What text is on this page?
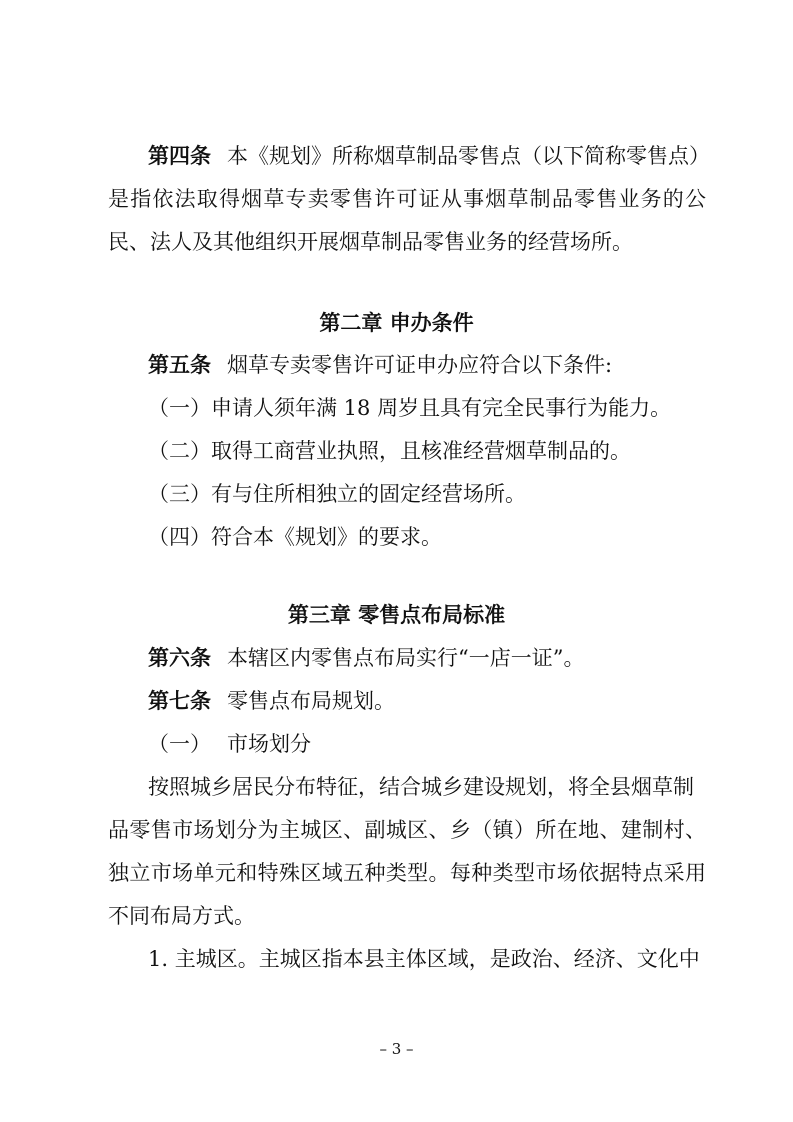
第四条 本《规划》所称烟草制品零售点（以下简称零售点）
是指依法取得烟草专卖零售许可证从事烟草制品零售业务的公
民、法人及其他组织开展烟草制品零售业务的经营场所。
第二章 申办条件
第五条 烟草专卖零售许可证申办应符合以下条件:
（一）申请人须年满 18 周岁且具有完全民事行为能力。
（二）取得工商营业执照，且核准经营烟草制品的。
（三）有与住所相独立的固定经营场所。
（四）符合本《规划》的要求。
第三章 零售点布局标准
第六条 本辖区内零售点布局实行“一店一证”。
第七条 零售点布局规划。
（一） 市场划分
按照城乡居民分布特征，结合城乡建设规划，将全县烟草制
品零售市场划分为主城区、副城区、乡（镇）所在地、建制村、
独立市场单元和特殊区域五种类型。每种类型市场依据特点采用
不同布局方式。
1. 主城区。主城区指本县主体区域，是政治、经济、文化中
– 3 –
